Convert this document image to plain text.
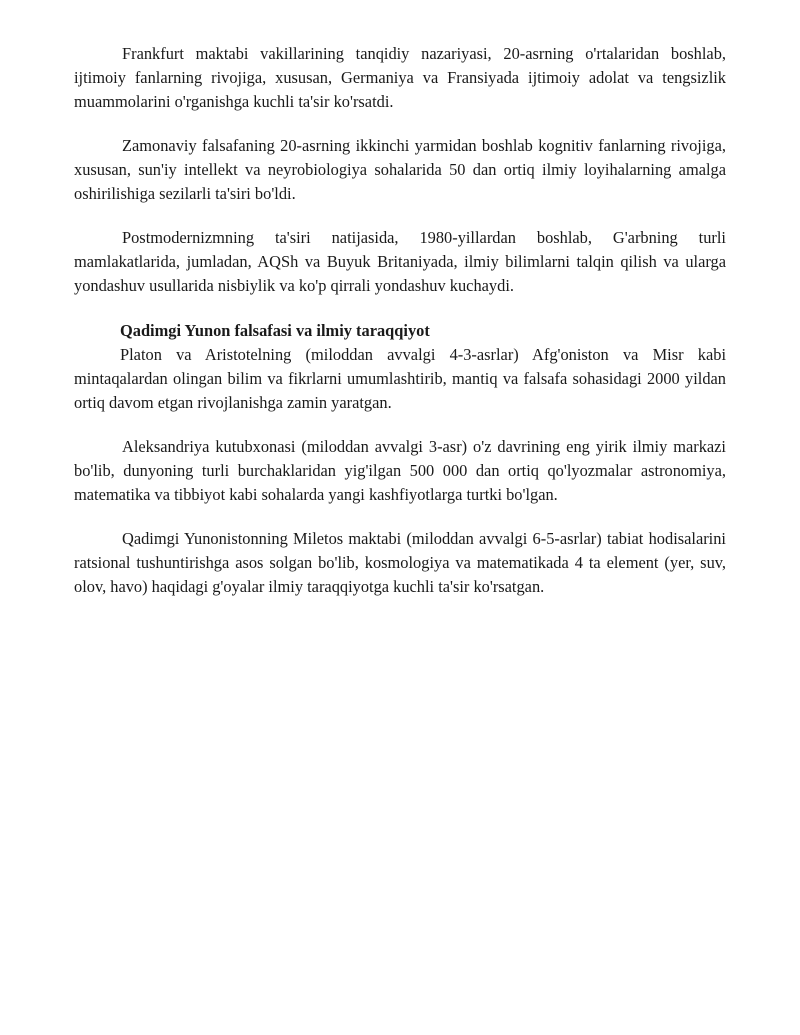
Frankfurt maktabi vakillarining tanqidiy nazariyasi, 20-asrning o'rtalaridan boshlab, ijtimoiy fanlarning rivojiga, xususan, Germaniya va Fransiyada ijtimoiy adolat va tengsizlik muammolarini o'rganishga kuchli ta'sir ko'rsatdi.

Zamonaviy falsafaning 20-asrning ikkinchi yarmidan boshlab kognitiv fanlarning rivojiga, xususan, sun'iy intellekt va neyrobiologiya sohalarida 50 dan ortiq ilmiy loyihalarning amalga oshirilishiga sezilarli ta'siri bo'ldi.

Postmodernizmning ta'siri natijasida, 1980-yillardan boshlab, G'arbning turli mamlakatlarida, jumladan, AQSh va Buyuk Britaniyada, ilmiy bilimlarni talqin qilish va ularga yondashuv usullarida nisbiylik va ko'p qirrali yondashuv kuchaydi.

Qadimgi Yunon falsafasi va ilmiy taraqqiyot

Platon va Aristotelning (miloddan avvalgi 4-3-asrlar) Afg'oniston va Misr kabi mintaqalardan olingan bilim va fikrlarni umumlashtirib, mantiq va falsafa sohasidagi 2000 yildan ortiq davom etgan rivojlanishga zamin yaratgan.

Aleksandriya kutubxonasi (miloddan avvalgi 3-asr) o'z davrining eng yirik ilmiy markazi bo'lib, dunyoning turli burchaklaridan yig'ilgan 500 000 dan ortiq qo'lyozmalar astronomiya, matematika va tibbiyot kabi sohalarda yangi kashfiyotlarga turtki bo'lgan.

Qadimgi Yunonistonning Miletos maktabi (miloddan avvalgi 6-5-asrlar) tabiat hodisalarini ratsional tushuntirishga asos solgan bo'lib, kosmologiya va matematikada 4 ta element (yer, suv, olov, havo) haqidagi g'oyalar ilmiy taraqqiyotga kuchli ta'sir ko'rsatgan.
